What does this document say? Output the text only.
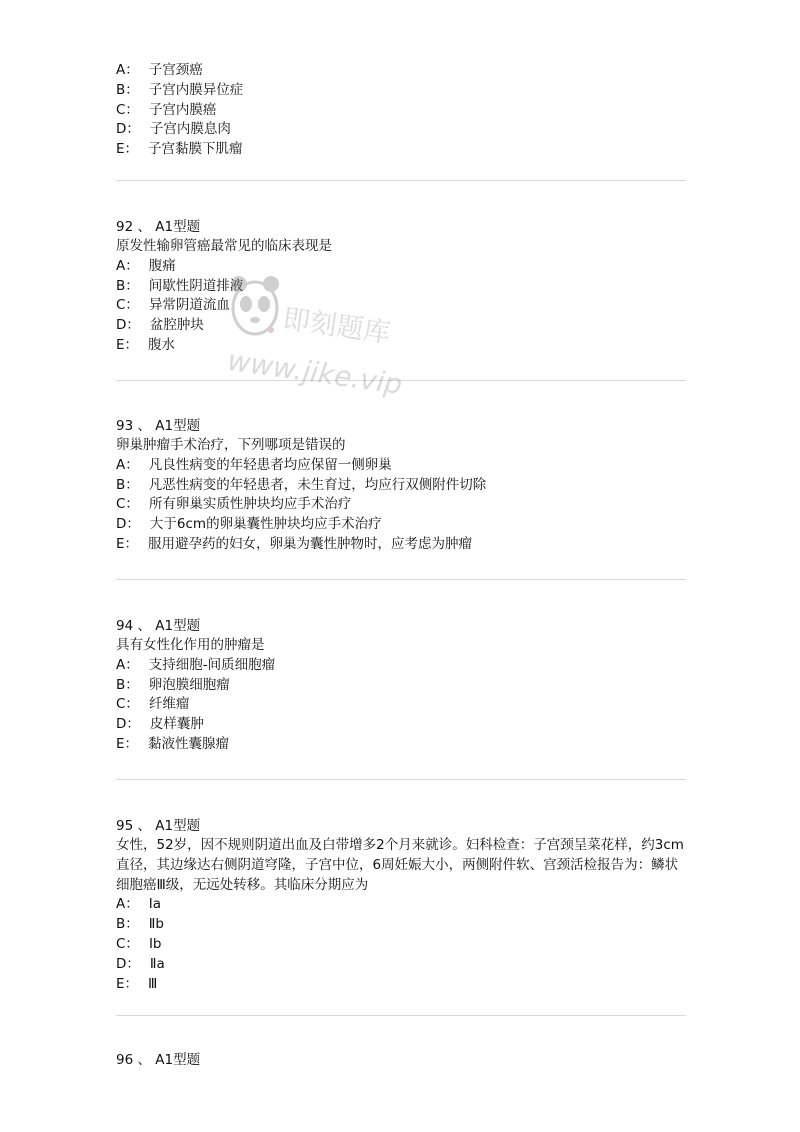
A： 子宫颈癌
B： 子宫内膜异位症
C： 子宫内膜癌
D： 子宫内膜息肉
E： 子宫黏膜下肌瘤
92 、 A1型题
原发性输卵管癌最常见的临床表现是
A： 腹痛
B： 间歇性阴道排液
C： 异常阴道流血
D： 盆腔肿块
E： 腹水
93 、 A1型题
卵巢肿瘤手术治疗，下列哪项是错误的
A： 凡良性病变的年轻患者均应保留一侧卵巢
B： 凡恶性病变的年轻患者，未生育过，均应行双侧附件切除
C： 所有卵巢实质性肿块均应手术治疗
D： 大于6cm的卵巢囊性肿块均应手术治疗
E： 服用避孕药的妇女，卵巢为囊性肿物时，应考虑为肿瘤
94 、 A1型题
具有女性化作用的肿瘤是
A： 支持细胞-间质细胞瘤
B： 卵泡膜细胞瘤
C： 纤维瘤
D： 皮样囊肿
E： 黏液性囊腺瘤
95 、 A1型题
女性，52岁，因不规则阴道出血及白带增多2个月来就诊。妇科检查：子宫颈呈菜花样，约3cm直径，其边缘达右侧阴道穹隆，子宫中位，6周妊娠大小，两侧附件软、宫颈活检报告为：鳞状细胞癌Ⅲ级，无远处转移。其临床分期应为
A： Ⅰa
B： Ⅱb
C： Ⅰb
D： Ⅱa
E： Ⅲ
96 、 A1型题
即刻题库
www.jike.vip
